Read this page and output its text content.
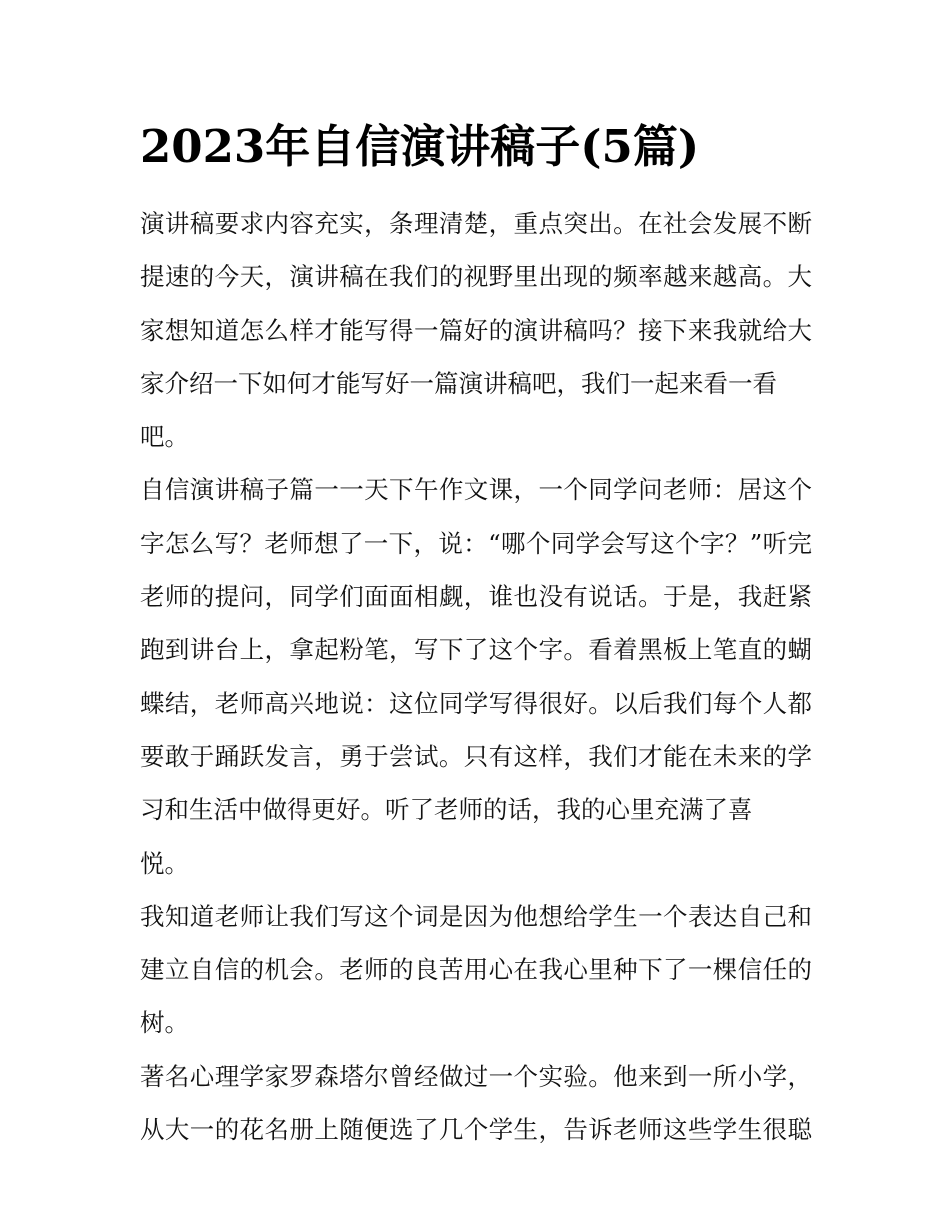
2023年自信演讲稿子(5篇)
演讲稿要求内容充实，条理清楚，重点突出。在社会发展不断
提速的今天，演讲稿在我们的视野里出现的频率越来越高。大
家想知道怎么样才能写得一篇好的演讲稿吗？接下来我就给大
家介绍一下如何才能写好一篇演讲稿吧，我们一起来看一看
吧。
自信演讲稿子篇一一天下午作文课，一个同学问老师：居这个
字怎么写？老师想了一下，说：“哪个同学会写这个字？”听完
老师的提问，同学们面面相觑，谁也没有说话。于是，我赶紧
跑到讲台上，拿起粉笔，写下了这个字。看着黑板上笔直的蝴
蝶结，老师高兴地说：这位同学写得很好。以后我们每个人都
要敢于踊跃发言，勇于尝试。只有这样，我们才能在未来的学
习和生活中做得更好。听了老师的话，我的心里充满了喜
悦。
我知道老师让我们写这个词是因为他想给学生一个表达自己和
建立自信的机会。老师的良苦用心在我心里种下了一棵信任的
树。
著名心理学家罗森塔尔曾经做过一个实验。他来到一所小学，
从大一的花名册上随便选了几个学生，告诉老师这些学生很聪
